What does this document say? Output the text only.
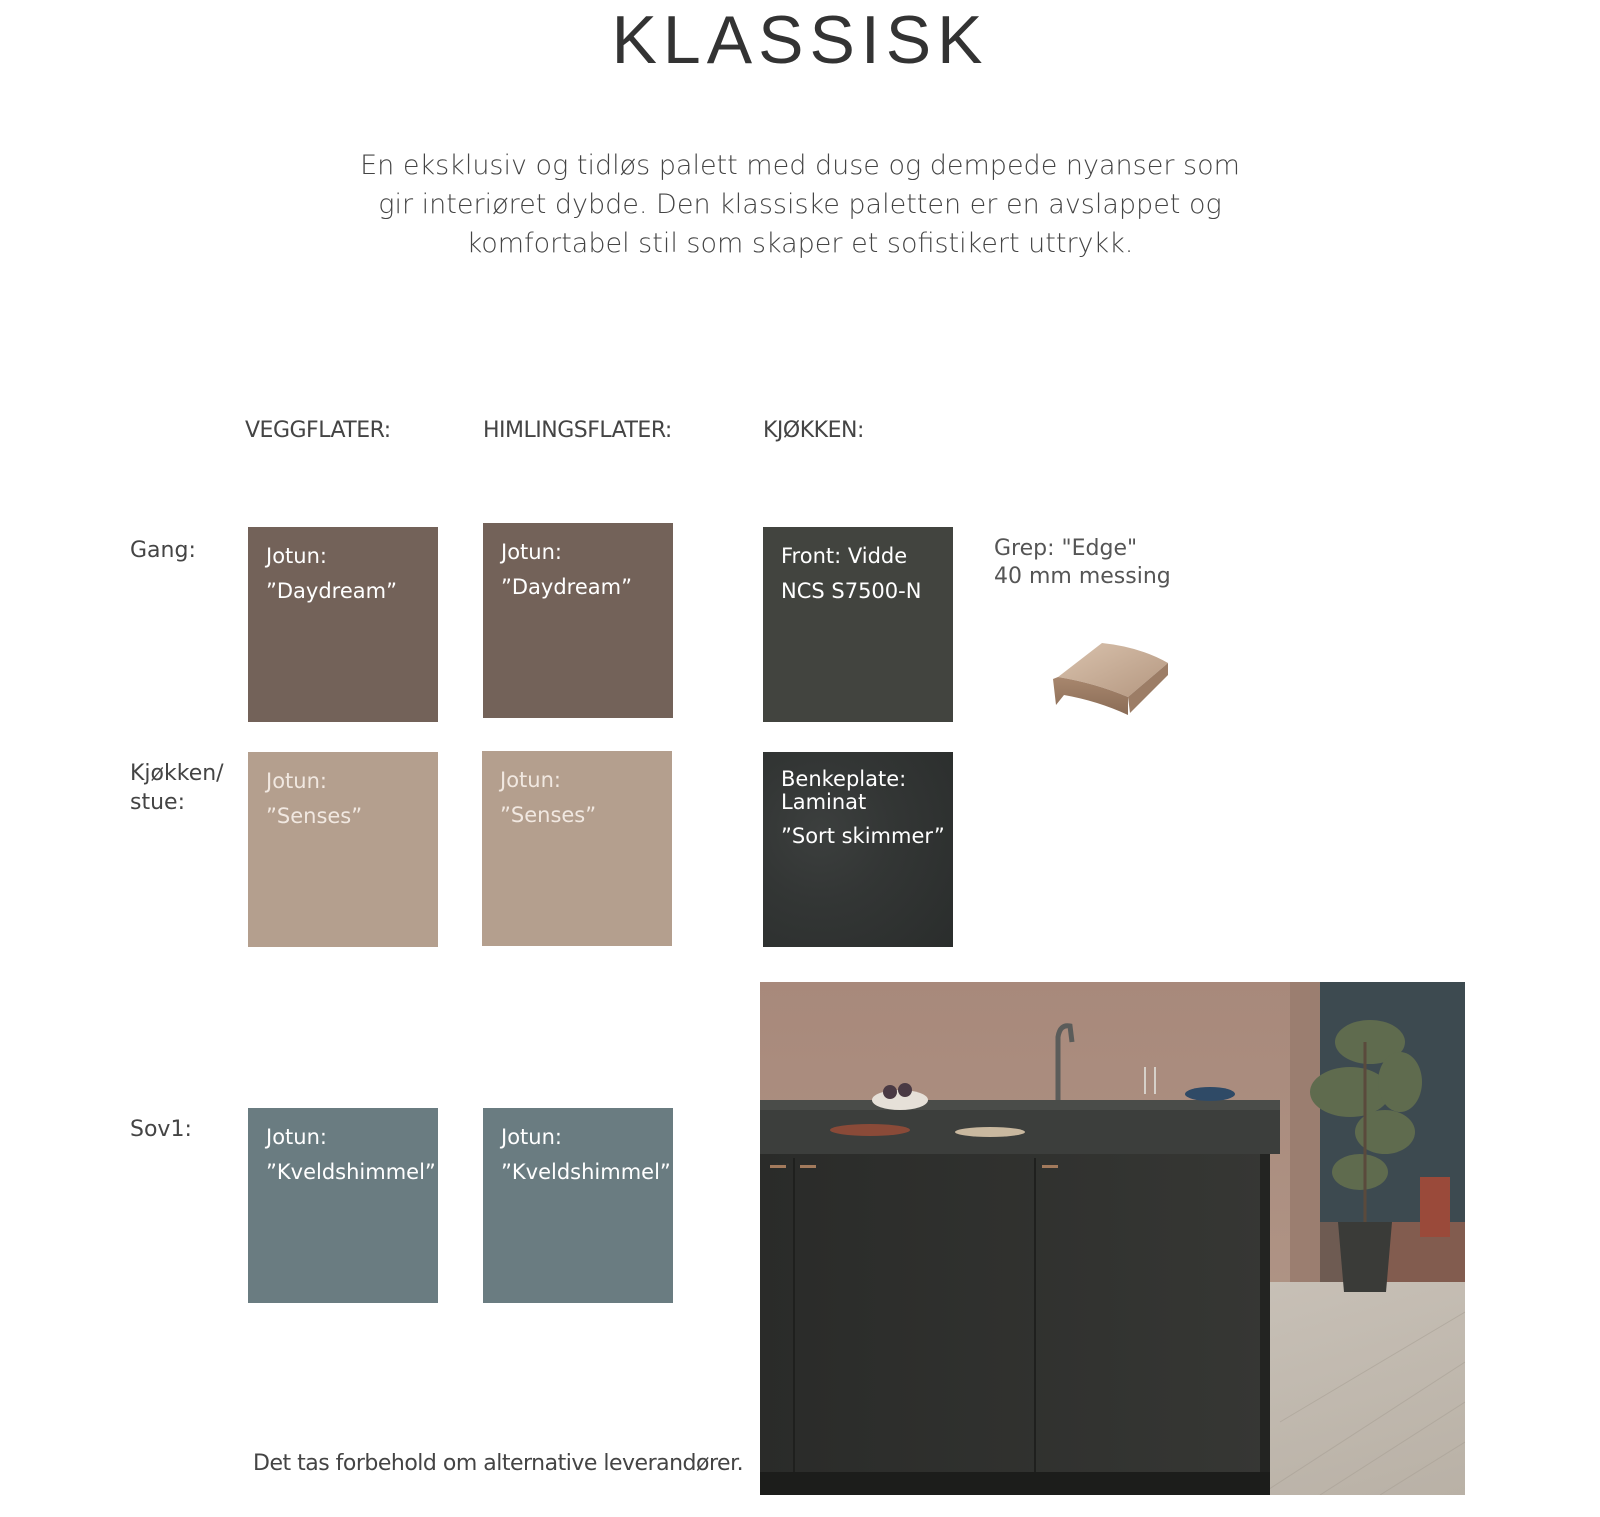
KLASSISK
En eksklusiv og tidløs palett med duse og dempede nyanser som
gir interiøret dybde. Den klassiske paletten er en avslappet og
komfortabel stil som skaper et sofistikert uttrykk.
VEGGFLATER:	HIMLINGSFLATER:	KJØKKEN:
Gang:
Kjøkken/
stue:
Sov1:
Jotun:
”Daydream”
Jotun:
”Daydream”
Front: Vidde
NCS S7500-N
Grep: "Edge"
40 mm messing
Jotun:
”Senses”
Jotun:
”Senses”
Benkeplate:
Laminat
”Sort skimmer”
Jotun:
”Kveldshimmel”
Jotun:
”Kveldshimmel”
Det tas forbehold om alternative leverandører.
